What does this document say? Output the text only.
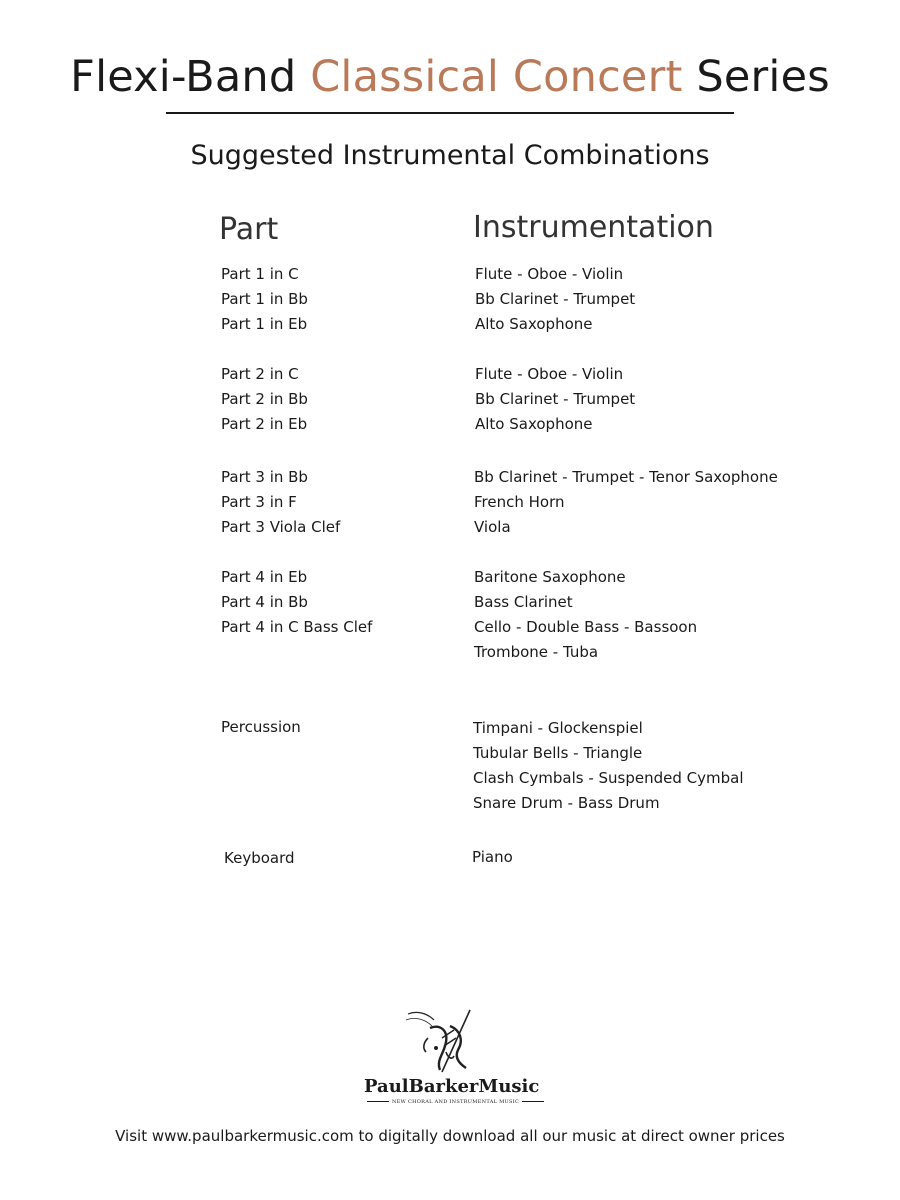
Flexi-Band Classical Concert Series
Suggested Instrumental Combinations
Part	Instrumentation
Part 1 in C
Part 1 in Bb
Part 1 in Eb
Part 2 in C
Part 2 in Bb
Part 2 in Eb
Part 3 in Bb
Part 3 in F
Part 3 Viola Clef
Part 4 in Eb
Part 4 in Bb
Part 4 in C Bass Clef
Percussion
Keyboard
Flute - Oboe - Violin
Bb Clarinet - Trumpet
Alto Saxophone
Flute - Oboe - Violin
Bb Clarinet - Trumpet
Alto Saxophone
Bb Clarinet - Trumpet - Tenor Saxophone
French Horn
Viola
Baritone Saxophone
Bass Clarinet
Cello - Double Bass - Bassoon
Trombone - Tuba
Timpani - Glockenspiel
Tubular Bells - Triangle
Clash Cymbals - Suspended Cymbal
Snare Drum - Bass Drum
Piano
PaulBarkerMusic
NEW CHORAL AND INSTRUMENTAL MUSIC
Visit www.paulbarkermusic.com to digitally download all our music at direct owner prices
